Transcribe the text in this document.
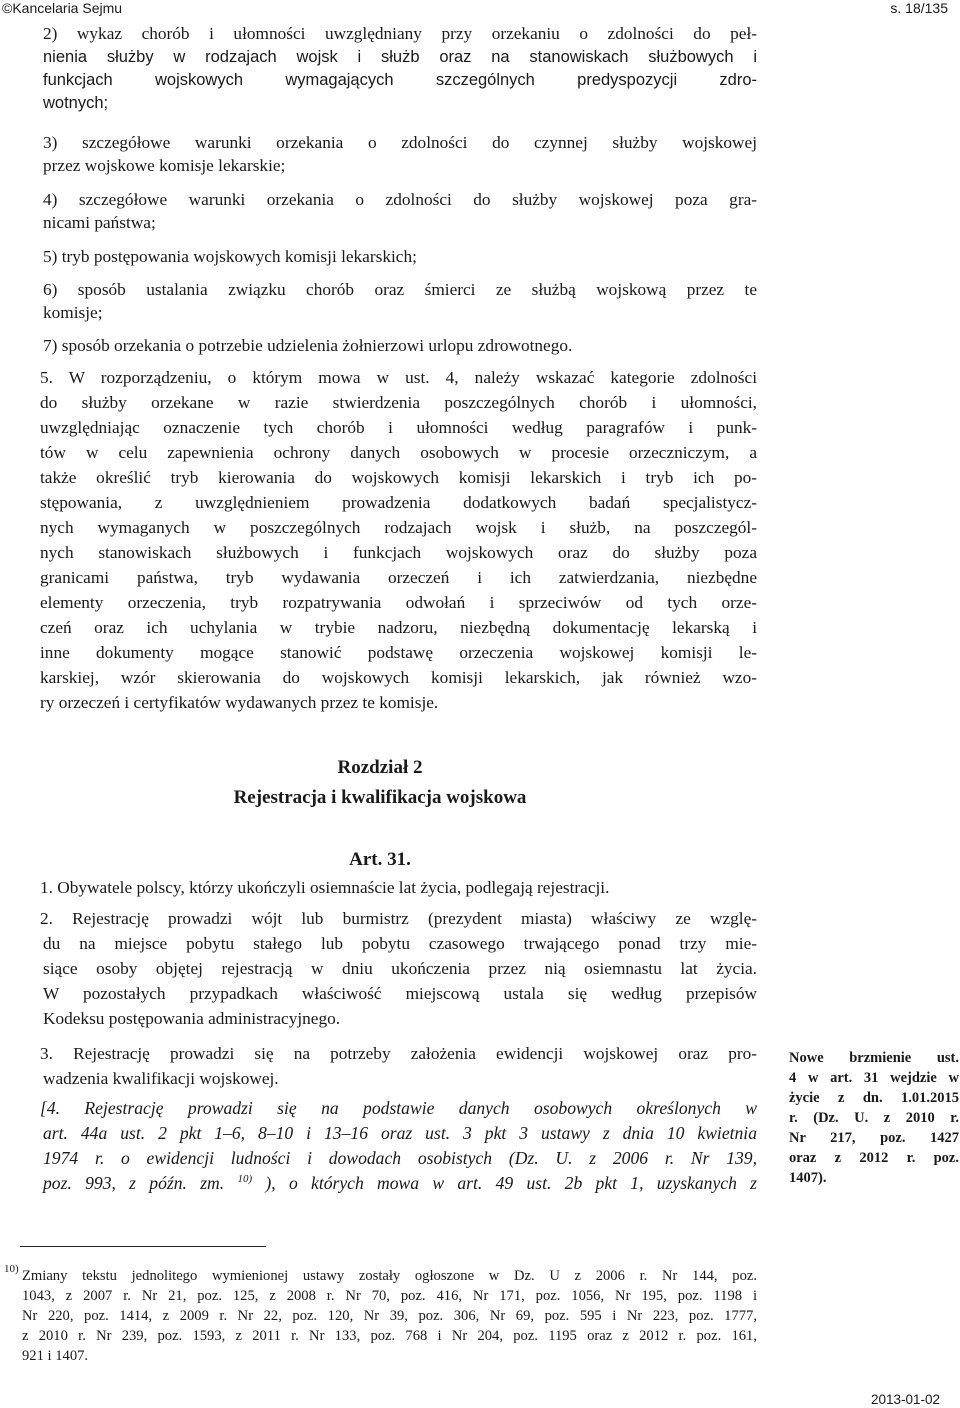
©Kancelaria Sejmu	s. 18/135
2) wykaz chorób i ułomności uwzględniany przy orzekaniu o zdolności do peł-
nienia służby w rodzajach wojsk i służb oraz na stanowiskach służbowych i
funkcjach wojskowych wymagających szczególnych predyspozycji zdro-
wotnych;
3) szczegółowe warunki orzekania o zdolności do czynnej służby wojskowej
przez wojskowe komisje lekarskie;
4) szczegółowe warunki orzekania o zdolności do służby wojskowej poza gra-
nicami państwa;
5) tryb postępowania wojskowych komisji lekarskich;
6) sposób ustalania związku chorób oraz śmierci ze służbą wojskową przez te
komisje;
7) sposób orzekania o potrzebie udzielenia żołnierzowi urlopu zdrowotnego.
5. W rozporządzeniu, o którym mowa w ust. 4, należy wskazać kategorie zdolności
do służby orzekane w razie stwierdzenia poszczególnych chorób i ułomności,
uwzględniając oznaczenie tych chorób i ułomności według paragrafów i punk-
tów w celu zapewnienia ochrony danych osobowych w procesie orzeczniczym, a
także określić tryb kierowania do wojskowych komisji lekarskich i tryb ich po-
stępowania, z uwzględnieniem prowadzenia dodatkowych badań specjalistycz-
nych wymaganych w poszczególnych rodzajach wojsk i służb, na poszczegól-
nych stanowiskach służbowych i funkcjach wojskowych oraz do służby poza
granicami państwa, tryb wydawania orzeczeń i ich zatwierdzania, niezbędne
elementy orzeczenia, tryb rozpatrywania odwołań i sprzeciwów od tych orze-
czeń oraz ich uchylania w trybie nadzoru, niezbędną dokumentację lekarską i
inne dokumenty mogące stanowić podstawę orzeczenia wojskowej komisji le-
karskiej, wzór skierowania do wojskowych komisji lekarskich, jak również wzo-
ry orzeczeń i certyfikatów wydawanych przez te komisje.
Rozdział 2
Rejestracja i kwalifikacja wojskowa
Art. 31.
1. Obywatele polscy, którzy ukończyli osiemnaście lat życia, podlegają rejestracji.
2. Rejestrację prowadzi wójt lub burmistrz (prezydent miasta) właściwy ze wzglę-
du na miejsce pobytu stałego lub pobytu czasowego trwającego ponad trzy mie-
siące osoby objętej rejestracją w dniu ukończenia przez nią osiemnastu lat życia.
W pozostałych przypadkach właściwość miejscową ustala się według przepisów
Kodeksu postępowania administracyjnego.
3. Rejestrację prowadzi się na potrzeby założenia ewidencji wojskowej oraz pro-
wadzenia kwalifikacji wojskowej.
[4. Rejestrację prowadzi się na podstawie danych osobowych określonych w
art. 44a ust. 2 pkt 1–6, 8–10 i 13–16 oraz ust. 3 pkt 3 ustawy z dnia 10 kwietnia
1974 r. o ewidencji ludności i dowodach osobistych (Dz. U. z 2006 r. Nr 139,
poz. 993, z późn. zm. $^{10)}$ ), o których mowa w art. 49 ust. 2b pkt 1, uzyskanych z
Nowe brzmienie ust.
4 w art. 31 wejdzie w
życie z dn. 1.01.2015
r. (Dz. U. z 2010 r.
Nr 217, poz. 1427
oraz z 2012 r. poz.
1407).
10) Zmiany tekstu jednolitego wymienionej ustawy zostały ogłoszone w Dz. U z 2006 r. Nr 144, poz.
1043, z 2007 r. Nr 21, poz. 125, z 2008 r. Nr 70, poz. 416, Nr 171, poz. 1056, Nr 195, poz. 1198 i
Nr 220, poz. 1414, z 2009 r. Nr 22, poz. 120, Nr 39, poz. 306, Nr 69, poz. 595 i Nr 223, poz. 1777,
z 2010 r. Nr 239, poz. 1593, z 2011 r. Nr 133, poz. 768 i Nr 204, poz. 1195 oraz z 2012 r. poz. 161,
921 i 1407.
2013-01-02
